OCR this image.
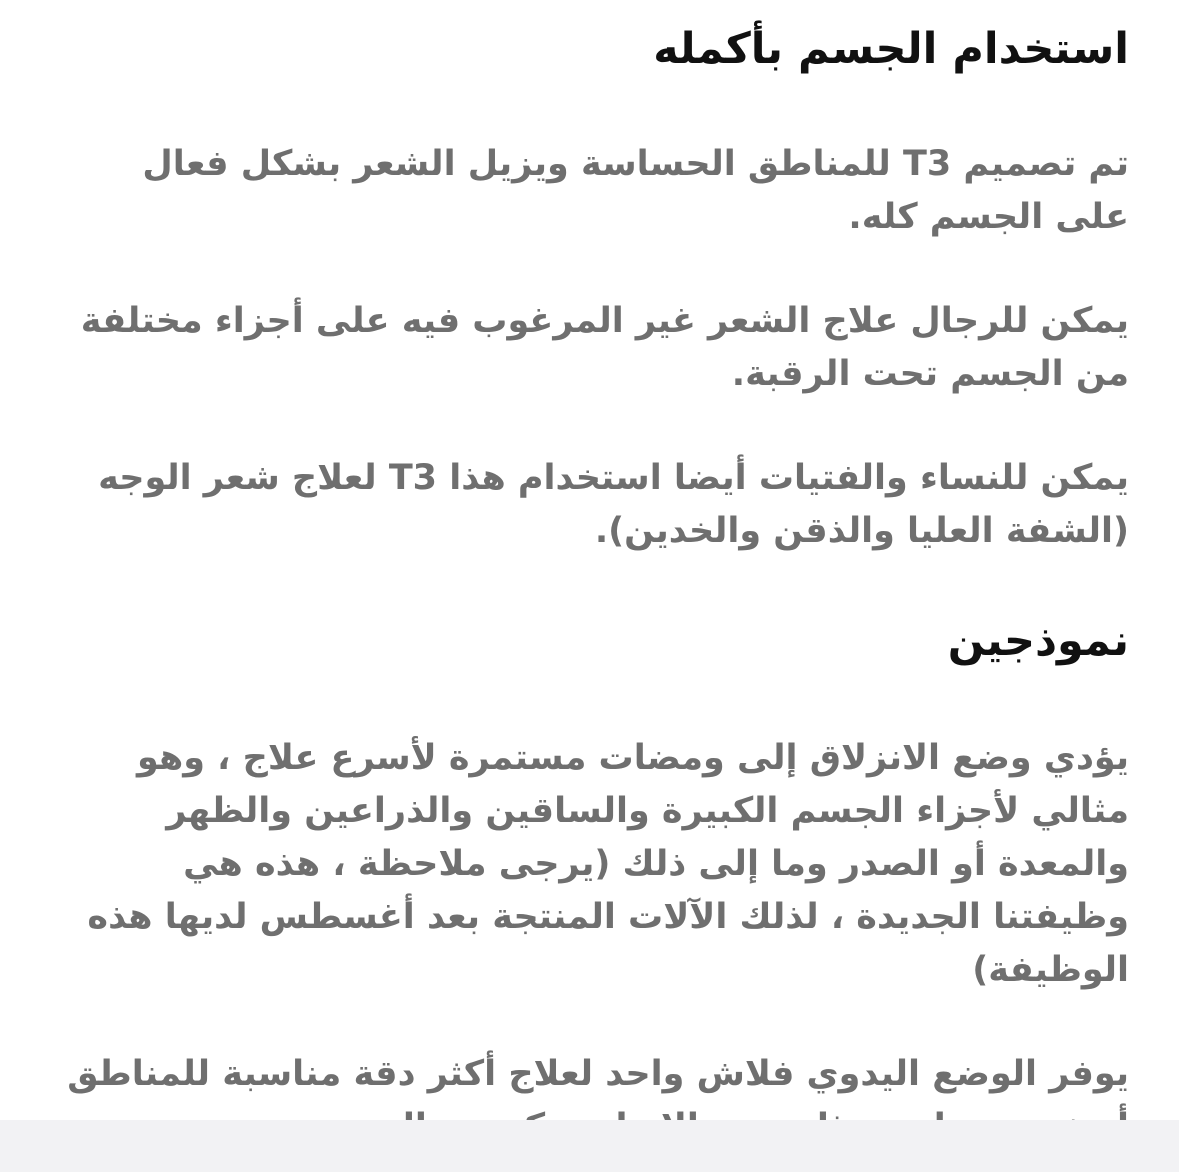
استخدام الجسم بأكمله

تم تصميم T3 للمناطق الحساسة ويزيل الشعر بشكل فعال على الجسم كله.

يمكن للرجال علاج الشعر غير المرغوب فيه على أجزاء مختلفة من الجسم تحت الرقبة.

يمكن للنساء والفتيات أيضا استخدام هذا T3 لعلاج شعر الوجه (الشفة العليا والذقن والخدين).

نموذجين

يؤدي وضع الانزلاق إلى ومضات مستمرة لأسرع علاج ، وهو مثالي لأجزاء الجسم الكبيرة والساقين والذراعين والظهر والمعدة أو الصدر وما إلى ذلك (يرجى ملاحظة ، هذه هي وظيفتنا الجديدة ، لذلك الآلات المنتجة بعد أغسطس لديها هذه الوظيفة)

يوفر الوضع اليدوي فلاش واحد لعلاج أكثر دقة مناسبة للمناطق
